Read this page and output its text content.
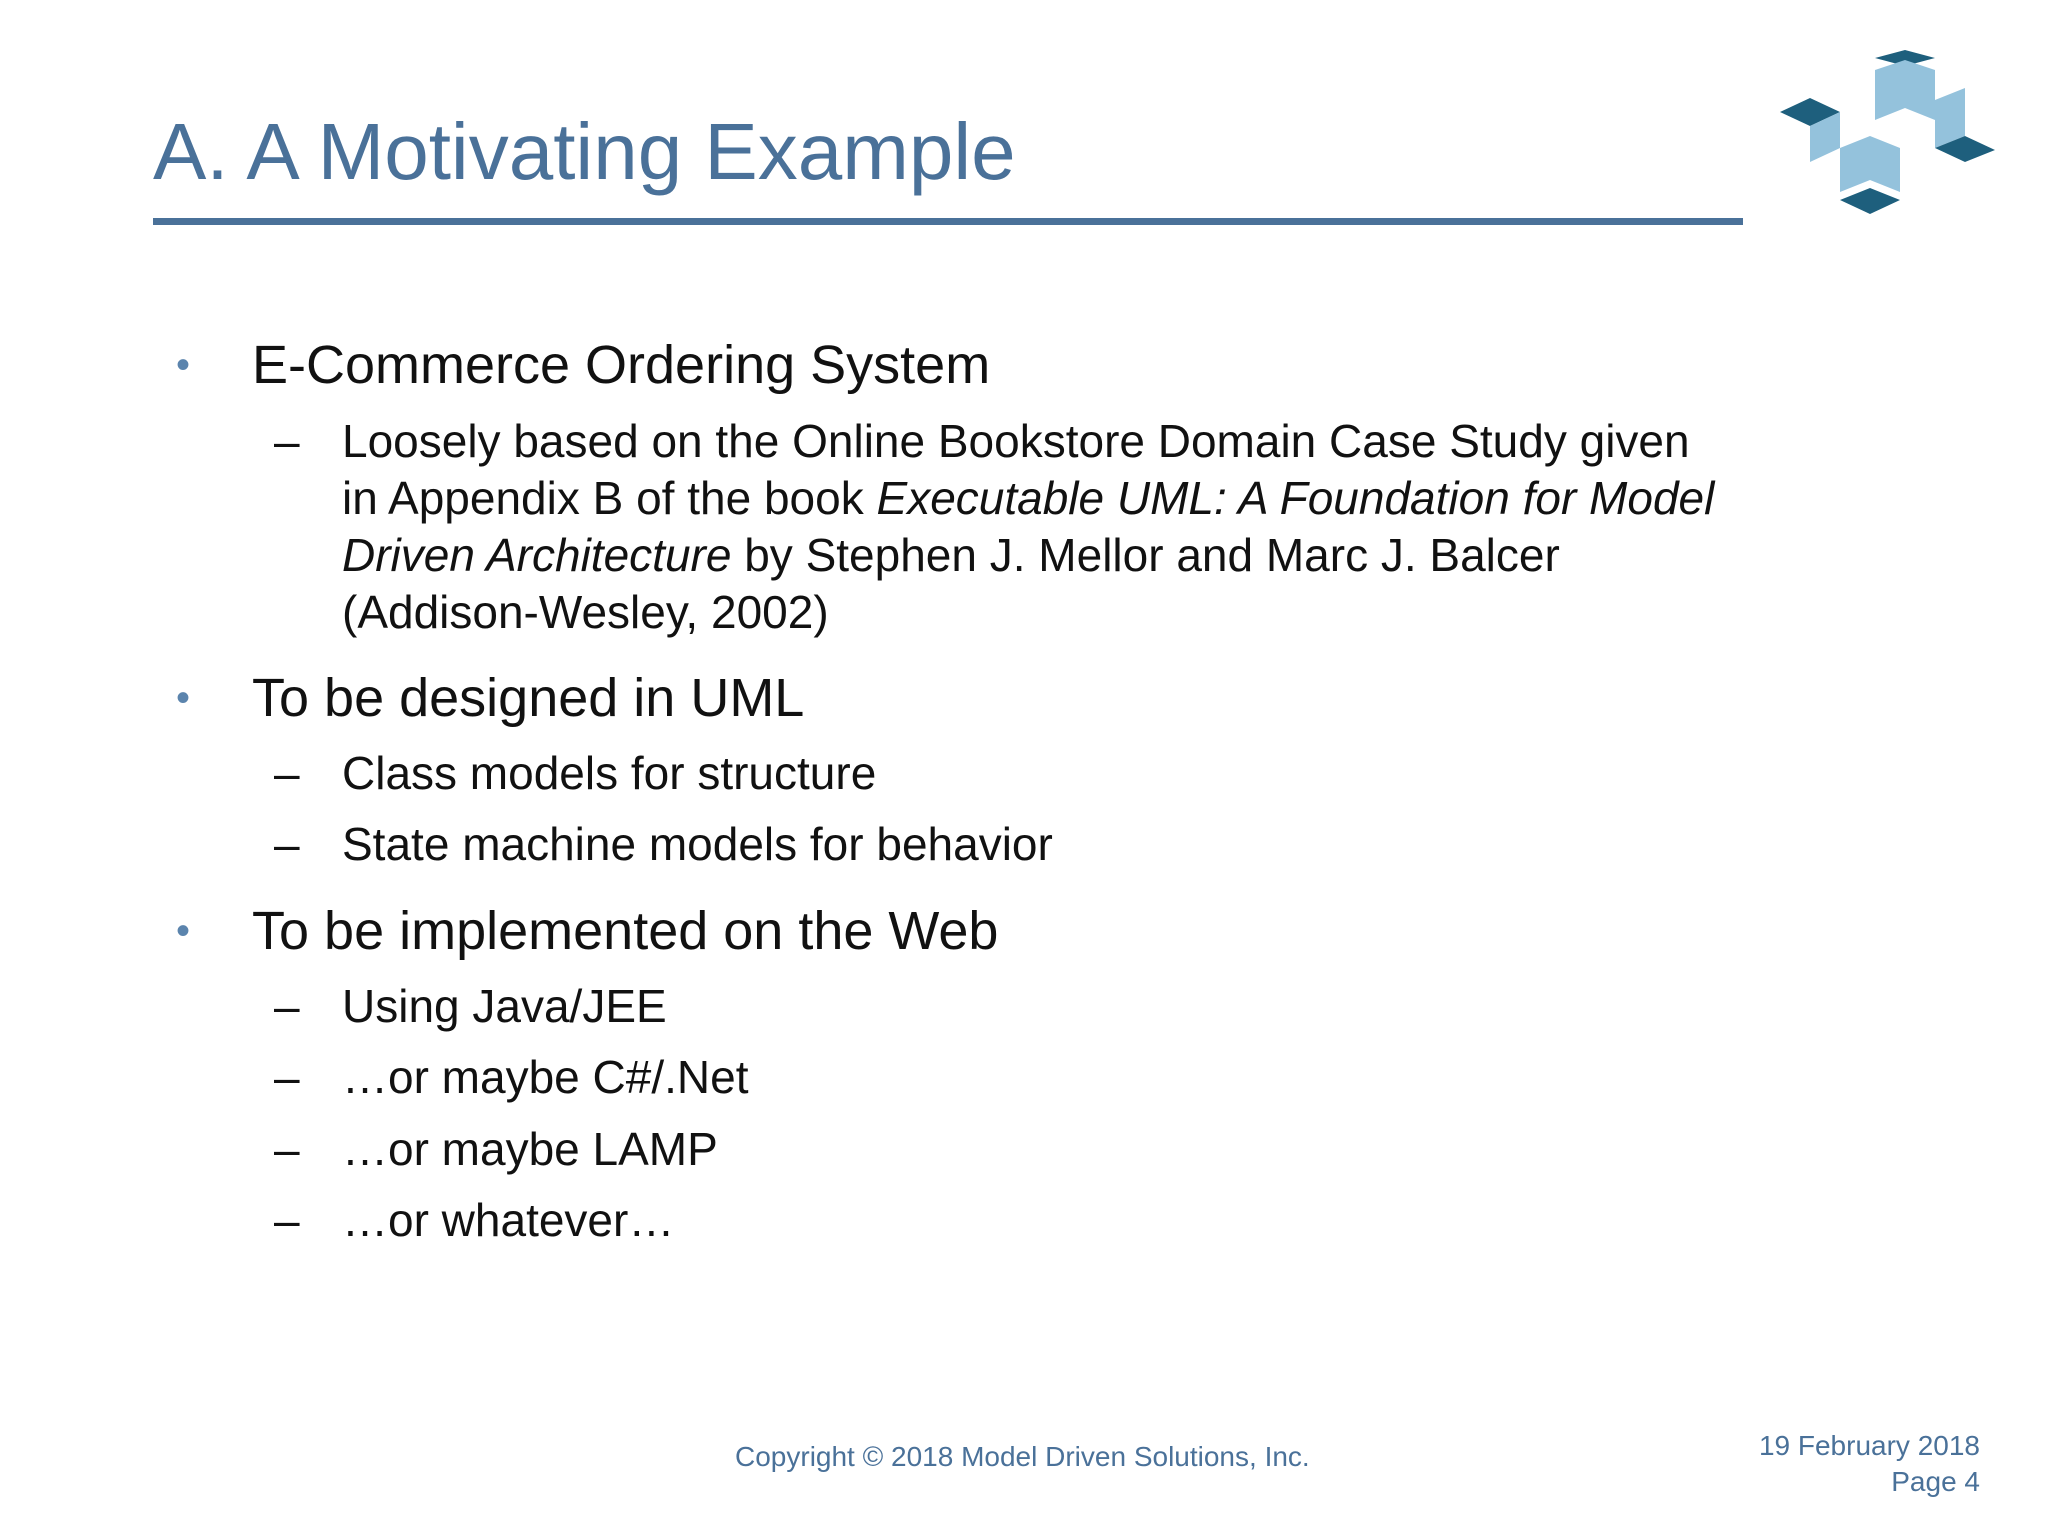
A. A Motivating Example
• E-Commerce Ordering System
– Loosely based on the Online Bookstore Domain Case Study given
in Appendix B of the book Executable UML: A Foundation for Model
Driven Architecture by Stephen J. Mellor and Marc J. Balcer
(Addison-Wesley, 2002)
• To be designed in UML
– Class models for structure
– State machine models for behavior
• To be implemented on the Web
– Using Java/JEE
– …or maybe C#/.Net
– …or maybe LAMP
– …or whatever…
Copyright © 2018 Model Driven Solutions, Inc.	19 February 2018
Page 4
